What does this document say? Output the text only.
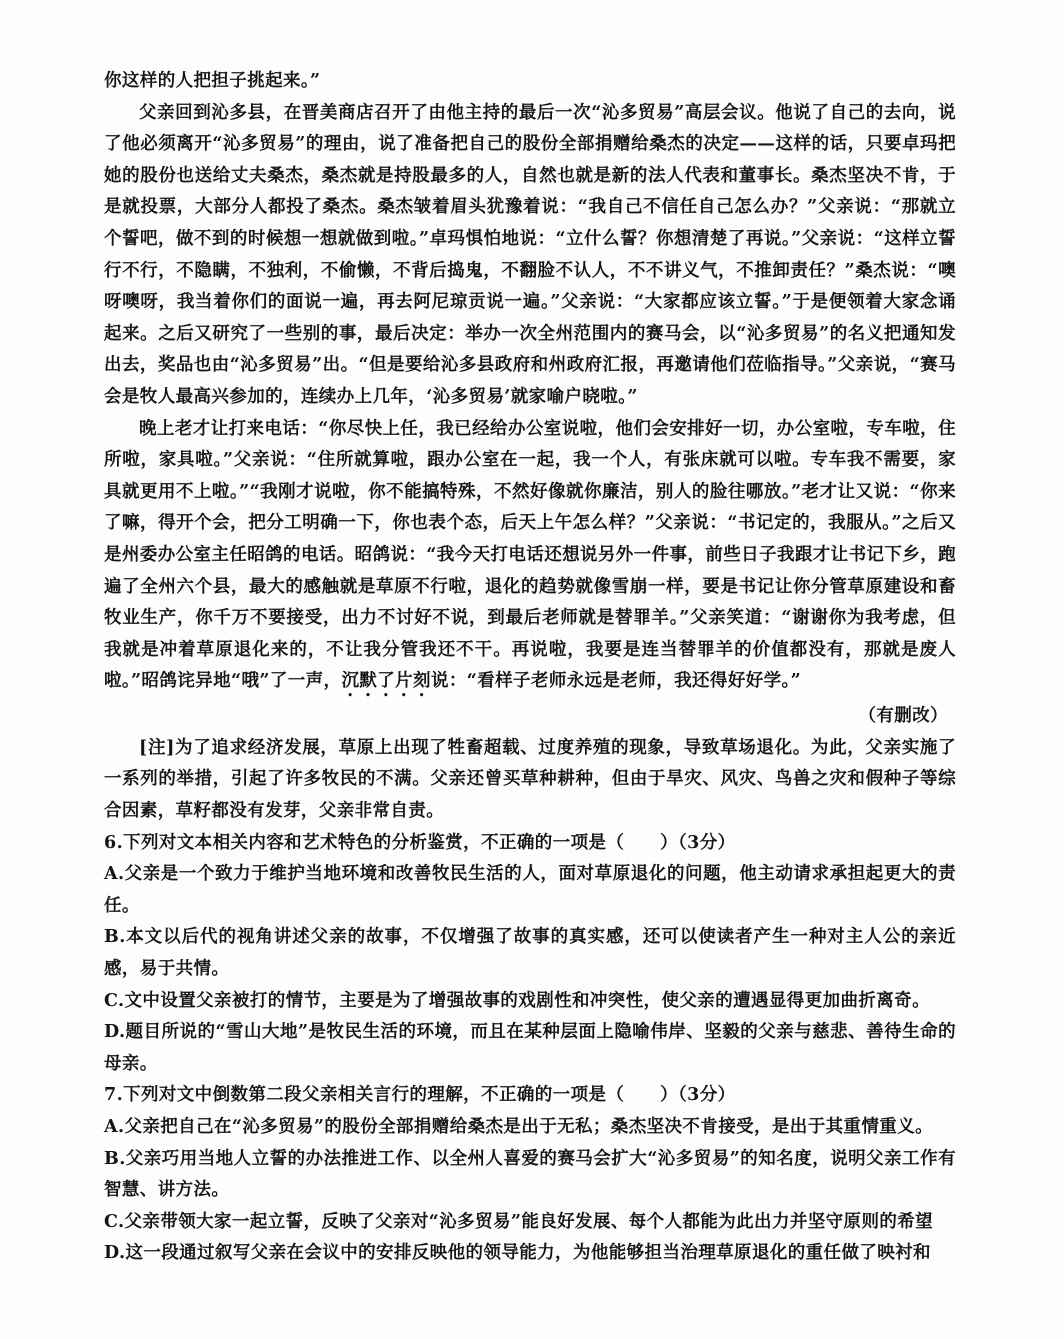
你这样的人把担子挑起来。”

父亲回到沁多县，在晋美商店召开了由他主持的最后一次“沁多贸易”高层会议。他说了自己的去向，说了他必须离开“沁多贸易”的理由，说了准备把自己的股份全部捐赠给桑杰的决定——这样的话，只要卓玛把她的股份也送给丈夫桑杰，桑杰就是持股最多的人，自然也就是新的法人代表和董事长。桑杰坚决不肯，于是就投票，大部分人都投了桑杰。桑杰皱着眉头犹豫着说：“我自己不信任自己怎么办？”父亲说：“那就立个誓吧，做不到的时候想一想就做到啦。”卓玛惧怕地说：“立什么誓？你想清楚了再说。”父亲说：“这样立誓行不行，不隐瞒，不独利，不偷懒，不背后捣鬼，不翻脸不认人，不不讲义气，不推卸责任？”桑杰说：“噢呀噢呀，我当着你们的面说一遍，再去阿尼琼贡说一遍。”父亲说：“大家都应该立誓。”于是便领着大家念诵起来。之后又研究了一些别的事，最后决定：举办一次全州范围内的赛马会，以“沁多贸易”的名义把通知发出去，奖品也由“沁多贸易”出。“但是要给沁多县政府和州政府汇报，再邀请他们莅临指导。”父亲说，“赛马会是牧人最高兴参加的，连续办上几年，‘沁多贸易’就家喻户晓啦。”

晚上老才让打来电话：“你尽快上任，我已经给办公室说啦，他们会安排好一切，办公室啦，专车啦，住所啦，家具啦。”父亲说：“住所就算啦，跟办公室在一起，我一个人，有张床就可以啦。专车我不需要，家具就更用不上啦。”“我刚才说啦，你不能搞特殊，不然好像就你廉洁，别人的脸往哪放。”老才让又说：“你来了嘛，得开个会，把分工明确一下，你也表个态，后天上午怎么样？”父亲说：“书记定的，我服从。”之后又是州委办公室主任昭鸽的电话。昭鸽说：“我今天打电话还想说另外一件事，前些日子我跟才让书记下乡，跑遍了全州六个县，最大的感触就是草原不行啦，退化的趋势就像雪崩一样，要是书记让你分管草原建设和畜牧业生产，你千万不要接受，出力不讨好不说，到最后老师就是替罪羊。”父亲笑道：“谢谢你为我考虑，但我就是冲着草原退化来的，不让我分管我还不干。再说啦，我要是连当替罪羊的价值都没有，那就是废人啦。”昭鸽诧异地“哦”了一声，沉默了片刻说：“看样子老师永远是老师，我还得好好学。”

（有删改）

[注]为了追求经济发展，草原上出现了牲畜超载、过度养殖的现象，导致草场退化。为此，父亲实施了一系列的举措，引起了许多牧民的不满。父亲还曾买草种耕种，但由于旱灾、风灾、鸟兽之灾和假种子等综合因素，草籽都没有发芽，父亲非常自责。

6.下列对文本相关内容和艺术特色的分析鉴赏，不正确的一项是（　　）（3分）

A.父亲是一个致力于维护当地环境和改善牧民生活的人，面对草原退化的问题，他主动请求承担起更大的责任。

B.本文以后代的视角讲述父亲的故事，不仅增强了故事的真实感，还可以使读者产生一种对主人公的亲近感，易于共情。

C.文中设置父亲被打的情节，主要是为了增强故事的戏剧性和冲突性，使父亲的遭遇显得更加曲折离奇。

D.题目所说的“雪山大地”是牧民生活的环境，而且在某种层面上隐喻伟岸、坚毅的父亲与慈悲、善待生命的母亲。

7.下列对文中倒数第二段父亲相关言行的理解，不正确的一项是（　　）（3分）

A.父亲把自己在“沁多贸易”的股份全部捐赠给桑杰是出于无私；桑杰坚决不肯接受，是出于其重情重义。

B.父亲巧用当地人立誓的办法推进工作、以全州人喜爱的赛马会扩大“沁多贸易”的知名度，说明父亲工作有智慧、讲方法。

C.父亲带领大家一起立誓，反映了父亲对“沁多贸易”能良好发展、每个人都能为此出力并坚守原则的希望

D.这一段通过叙写父亲在会议中的安排反映他的领导能力，为他能够担当治理草原退化的重任做了映衬和
